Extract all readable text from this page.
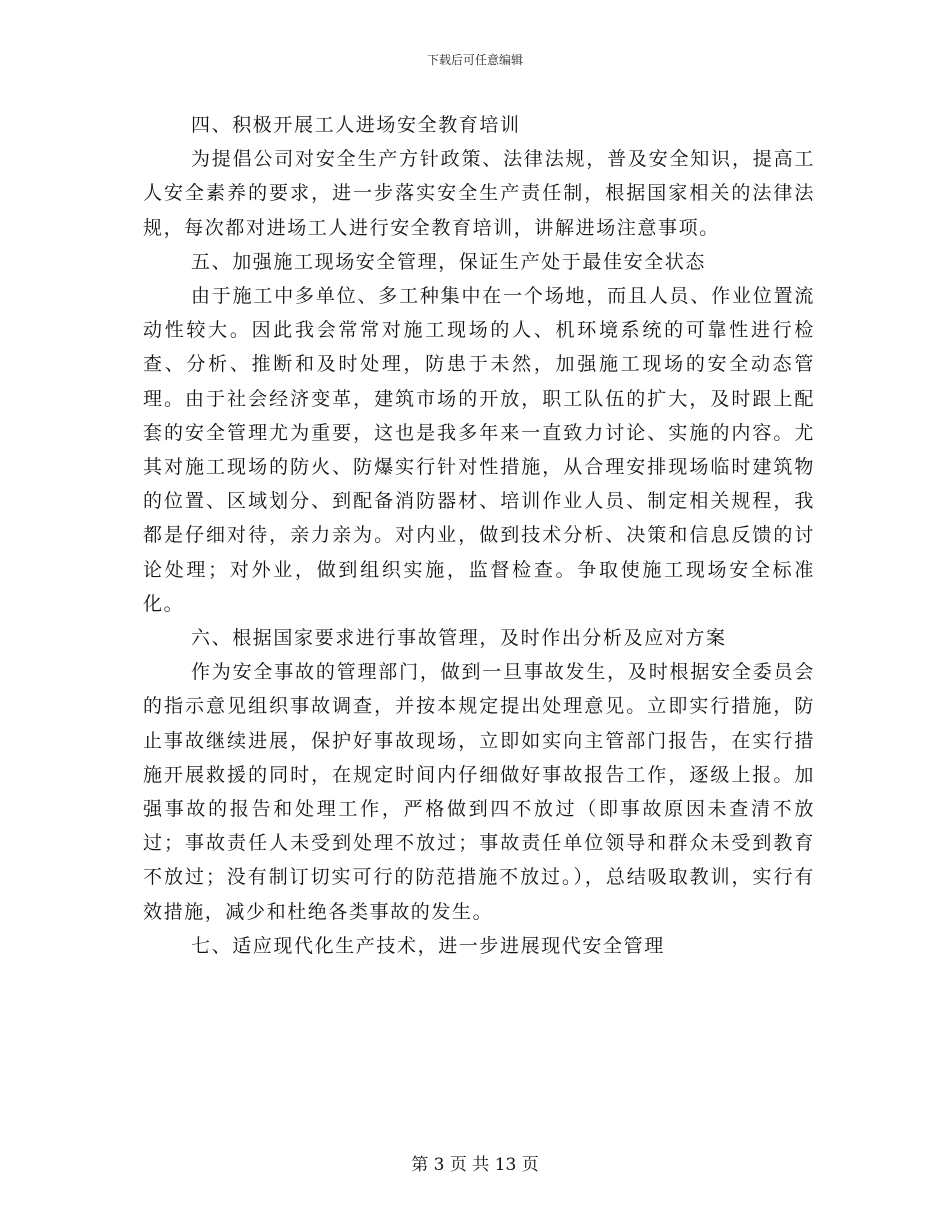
下载后可任意编辑

四、积极开展工人进场安全教育培训

为提倡公司对安全生产方针政策、法律法规，普及安全知识，提高工人安全素养的要求，进一步落实安全生产责任制，根据国家相关的法律法规，每次都对进场工人进行安全教育培训，讲解进场注意事项。

五、加强施工现场安全管理，保证生产处于最佳安全状态

由于施工中多单位、多工种集中在一个场地，而且人员、作业位置流动性较大。因此我会常常对施工现场的人、机环境系统的可靠性进行检查、分析、推断和及时处理，防患于未然，加强施工现场的安全动态管理。由于社会经济变革，建筑市场的开放，职工队伍的扩大，及时跟上配套的安全管理尤为重要，这也是我多年来一直致力讨论、实施的内容。尤其对施工现场的防火、防爆实行针对性措施，从合理安排现场临时建筑物的位置、区域划分、到配备消防器材、培训作业人员、制定相关规程，我都是仔细对待，亲力亲为。对内业，做到技术分析、决策和信息反馈的讨论处理；对外业，做到组织实施，监督检查。争取使施工现场安全标准化。

六、根据国家要求进行事故管理，及时作出分析及应对方案

作为安全事故的管理部门，做到一旦事故发生，及时根据安全委员会的指示意见组织事故调查，并按本规定提出处理意见。立即实行措施，防止事故继续进展，保护好事故现场，立即如实向主管部门报告，在实行措施开展救援的同时，在规定时间内仔细做好事故报告工作，逐级上报。加强事故的报告和处理工作，严格做到四不放过（即事故原因未查清不放过；事故责任人未受到处理不放过；事故责任单位领导和群众未受到教育不放过；没有制订切实可行的防范措施不放过。），总结吸取教训，实行有效措施，减少和杜绝各类事故的发生。

七、适应现代化生产技术，进一步进展现代安全管理

第 3 页 共 13 页
